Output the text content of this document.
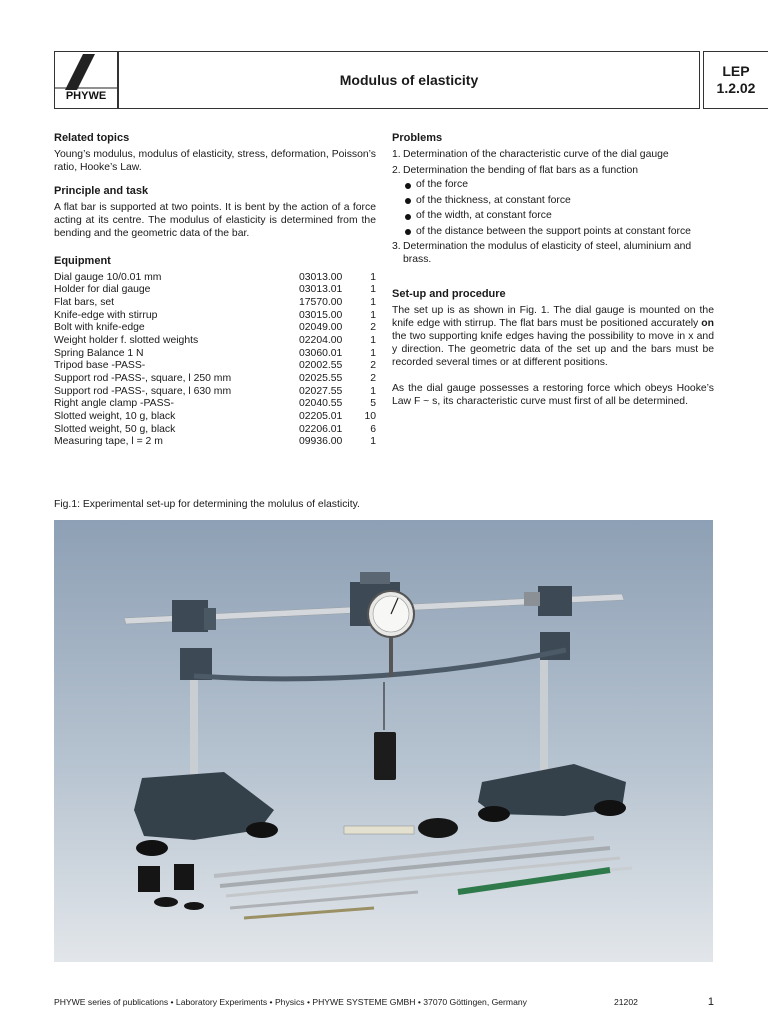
PHYWE
Modulus of elasticity
LEP
1.2.02
Related topics

Young’s modulus, modulus of elasticity, stress, deformation, Poisson’s ratio, Hooke’s Law.

Principle and task

A flat bar is supported at two points. It is bent by the action of a force acting at its centre. The modulus of elasticity is determined from the bending and the geometric data of the bar.

Equipment
Dial gauge 10/0.01 mm	03013.00	1
Holder for dial gauge	03013.01	1
Flat bars, set	17570.00	1
Knife-edge with stirrup	03015.00	1
Bolt with knife-edge	02049.00	2
Weight holder f. slotted weights	02204.00	1
Spring Balance 1 N	03060.01	1
Tripod base -PASS-	02002.55	2
Support rod -PASS-, square, l 250 mm	02025.55	2
Support rod -PASS-, square, l 630 mm	02027.55	1
Right angle clamp -PASS-	02040.55	5
Slotted weight, 10 g, black	02205.01	10
Slotted weight, 50 g, black	02206.01	6
Measuring tape, l = 2 m	09936.00	1
Problems
1. Determination of the characteristic curve of the dial gauge
2. Determination the bending of flat bars as a function
of the force
of the thickness, at constant force
of the width, at constant force
of the distance between the support points at constant force
3. Determination the modulus of elasticity of steel, aluminium and brass.
Set-up and procedure

The set up is as shown in Fig. 1. The dial gauge is mounted on the knife edge with stirrup. The flat bars must be positioned accurately on the two supporting knife edges having the possibility to move in x and y direction. The geometric data of the set up and the bars must be recorded several times or at different positions.

As the dial gauge possesses a restoring force which obeys Hooke’s Law F ~ s, its characteristic curve must first of all be determined.

Fig.1: Experimental set-up for determining the molulus of elasticity.
PHYWE series of publications • Laboratory Experiments • Physics • PHYWE SYSTEME GMBH • 37070 Göttingen, Germany	21202	1
